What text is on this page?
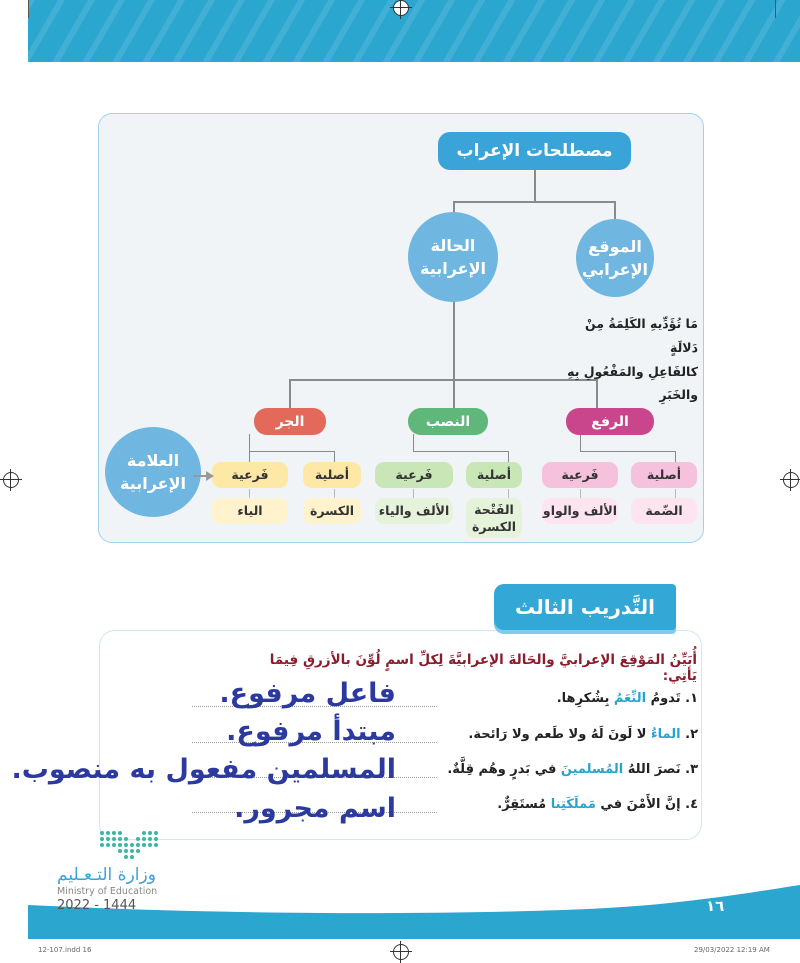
مصطلحات الإعراب
الموقع
الإعرابي
الحالة
الإعرابية
مَا تُؤَدِّيهِ الكَلِمَةُ مِنْ دَلالَةٍ
كالفَاعِلِ والمَفْعُولِ بِهِ والخَبَرِ
الرفع
النصب
الجر
أصلية
فَرعية
الضّمة
الألف والواو
أصلية
فَرعية
الفَتْحة
الكسرة
الألف والياء
أصلية
فَرعية
الكسرة
الياء
العلامة
الإعرابية
التَّدريب الثالث
أُبَيِّنُ المَوْقِعَ الإعرابيَّ والحَالةَ الإعرابيَّةَ لِكلِّ اسمٍ لُوِّنَ بالأزرقِ فِيمَا يَأتِي:
١. تَدومُ النِّعَمُ بِشُكرِها.
٢. الماءُ لا لَونَ لَهُ ولا طَعم ولا رَائحة.
٣. نَصرَ اللهُ المُسلمينَ في بَدرٍ وهُم قِلَّةٌ.
٤. إنَّ الأَمْنَ في مَملَكَتِنا مُستَقِرٌّ.
فاعل مرفوع.
مبتدأ مرفوع.
المسلمين مفعول به منصوب.
اسم مجرور.
وزارة التـعـليم
Ministry of Education
2022 - 1444	١٦
12-107.indd 16	29/03/2022 12:19 AM
